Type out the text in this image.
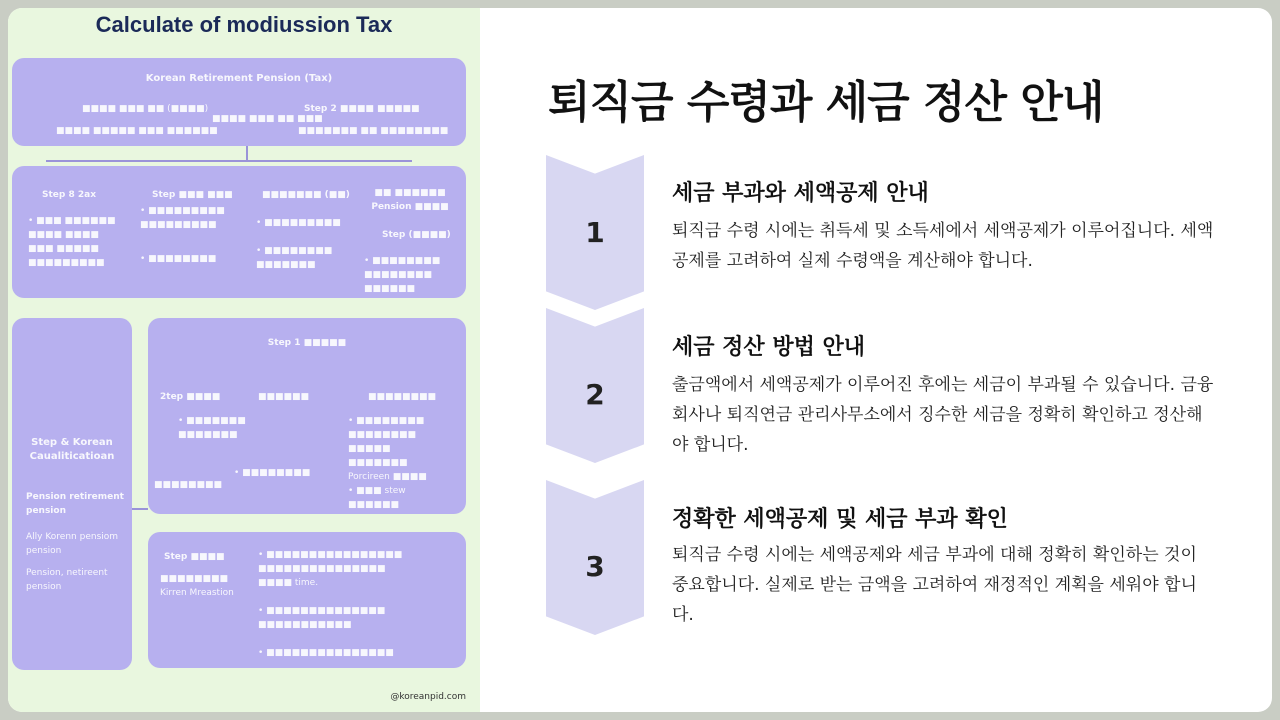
Calculate of modiussion Tax
Korean Retirement Pension (Tax)
■■■■ ■■■ ■■ (■■■■)
■■■■ ■■■ ■■ ■■■
Step 2 ■■■■ ■■■■■
■■■■ ■■■■■ ■■■ ■■■■■■	■■■■■■■ ■■ ■■■■■■■■
Step 8 2ax
• ■■■ ■■■■■■
■■■■ ■■■■
■■■ ■■■■■
■■■■■■■■■
Step ■■■ ■■■
• ■■■■■■■■■
■■■■■■■■■
• ■■■■■■■■
■■■■■■■ (■■)
• ■■■■■■■■■

• ■■■■■■■■
■■■■■■■
■■ ■■■■■■
Pension ■■■■
Step (■■■■)
• ■■■■■■■■
■■■■■■■■
■■■■■■
Step 1 ■■■■■
2tep ■■■■	■■■■■■	■■■■■■■■
• ■■■■■■■
■■■■■■■
■■■■■■■■
• ■■■■■■■■
• ■■■■■■■■
■■■■■■■■
■■■■■
■■■■■■■
Porcireen ■■■■
• ■■■ stew
■■■■■■
Step & Korean Caualiticatioan
Pension retirement pension
Ally Korenn pensiom pension
Pension, netireent pension
Step ■■■■
■■■■■■■■
Kirren Mreastion
• ■■■■■■■■■■■■■■■■
■■■■■■■■■■■■■■■
■■■■ time.

• ■■■■■■■■■■■■■■
■■■■■■■■■■■

• ■■■■■■■■■■■■■■■
@koreanpid.com
퇴직금 수령과 세금 정산 안내
1
세금 부과와 세액공제 안내
퇴직금 수령 시에는 취득세 및 소득세에서 세액공제가 이루어집니다. 세액공제를 고려하여 실제 수령액을 계산해야 합니다.
2
세금 정산 방법 안내
출금액에서 세액공제가 이루어진 후에는 세금이 부과될 수 있습니다. 금융회사나 퇴직연금 관리사무소에서 징수한 세금을 정확히 확인하고 정산해야 합니다.
3
정확한 세액공제 및 세금 부과 확인
퇴직금 수령 시에는 세액공제와 세금 부과에 대해 정확히 확인하는 것이 중요합니다. 실제로 받는 금액을 고려하여 재정적인 계획을 세워야 합니다.
